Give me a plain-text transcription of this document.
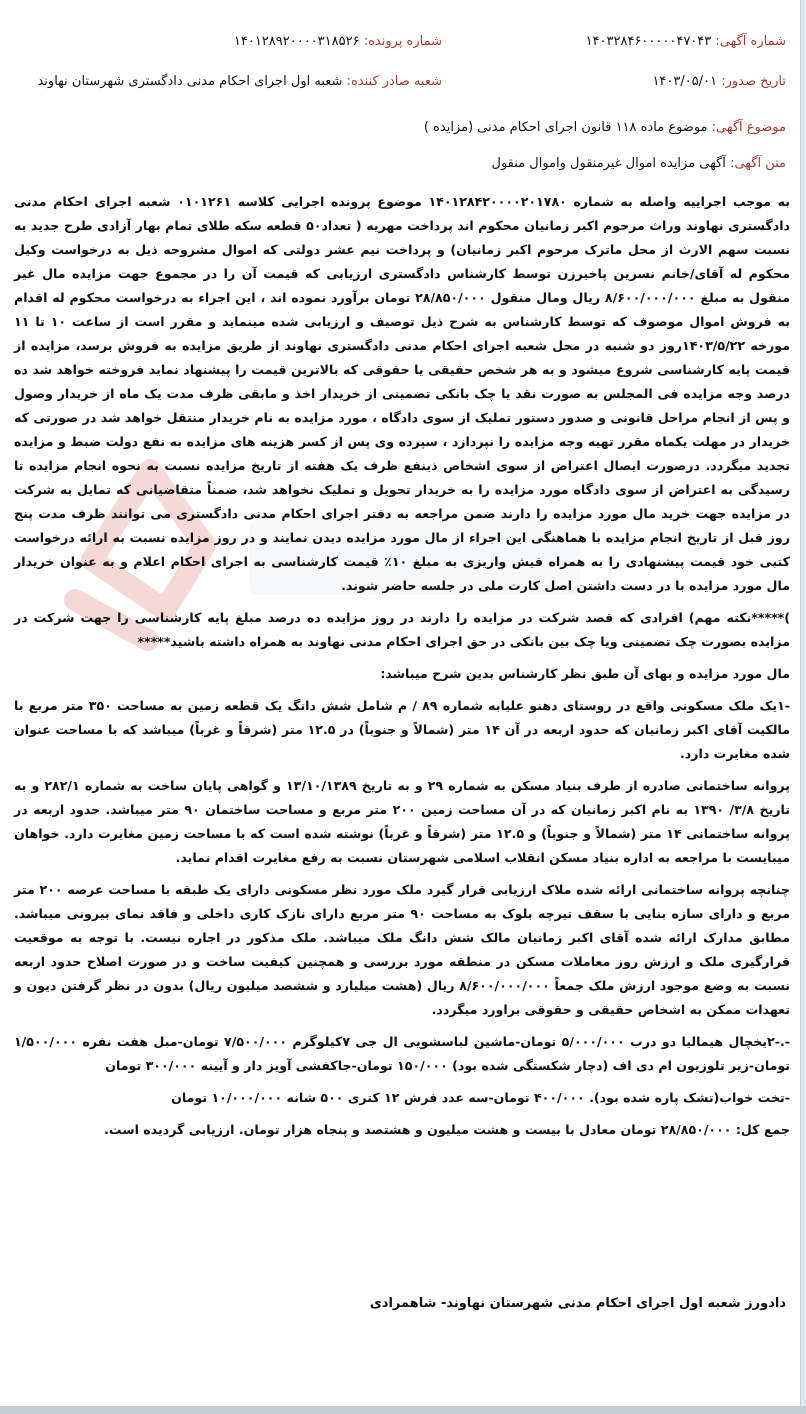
شماره آگهی: ۱۴۰۳۲۸۴۶۰۰۰۰۰۴۷۰۴۳
شماره پرونده: ۱۴۰۱۲۸۹۲۰۰۰۰۳۱۸۵۲۶
تاریخ صدور: ۱۴۰۳/۰۵/۰۱
شعبه صادر کننده: شعبه اول اجرای احکام مدنی دادگستری شهرستان نهاوند
موضوع آگهی: موضوع ماده ۱۱۸ قانون اجرای احکام مدنی (مزایده )
متن آگهی: آگهی مزایده اموال غیرمنقول واموال منقول

به موجب اجراییه واصله به شماره ۱۴۰۱۲۸۴۲۰۰۰۰۲۰۱۷۸۰ موضوع پرونده اجرایی کلاسه ۰۱۰۱۲۶۱ شعبه اجرای احکام مدنی دادگستری نهاوند وراث مرحوم اکبر زمانیان محکوم اند پرداخت مهریه ( تعداد۵۰ قطعه سکه طلای تمام بهار آزادی طرح جدید به نسبت سهم الارث از محل ماترک مرحوم اکبر زمانیان) و پرداخت نیم عشر دولتی که اموال مشروحه ذیل به درخواست وکیل محکوم له آقای/خانم نسرین پاخیرزن توسط کارشناس دادگستری ارزیابی که قیمت آن را در مجموع جهت مزایده مال غیر منقول به مبلغ ۸/۶۰۰/۰۰۰/۰۰۰ ریال ومال منقول ۲۸/۸۵۰/۰۰۰ تومان برآورد نموده اند ، این اجراء به درخواست محکوم له اقدام به فروش اموال موصوف که توسط کارشناس به شرح ذیل توصیف و ارزیابی شده مینماید و مقرر است از ساعت ۱۰ تا ۱۱ مورخه ۱۴۰۳/۵/۲۲روز دو شنبه در محل شعبه اجرای احکام مدنی دادگستری نهاوند از طریق مزایده به فروش برسد، مزایده از قیمت پایه کارشناسی شروع میشود و به هر شخص حقیقی یا حقوقی که بالاترین قیمت را پیشنهاد نماید فروخته خواهد شد ده درصد وجه مزایده فی المجلس به صورت نقد یا چک بانکی تضمینی از خریدار اخذ و مابقی ظرف مدت یک ماه از خریدار وصول و پس از انجام مراحل قانونی و صدور دستور تملیک از سوی دادگاه ، مورد مزایده به نام خریدار منتقل خواهد شد در صورتی که خریدار در مهلت یکماه مقرر تهیه وجه مزایده را نپردازد ، سپرده وی پس از کسر هزینه های مزایده به نفع دولت ضبط و مزایده تجدید میگردد. درصورت ایصال اعتراض از سوی اشخاص ذینفع ظرف یک هفته از تاریخ مزایده نسبت به نحوه انجام مزایده تا رسیدگی به اعتراض از سوی دادگاه مورد مزایده را به خریدار تحویل و تملیک نخواهد شد، ضمناً متقاضیانی که تمایل به شرکت در مزایده جهت خرید مال مورد مزایده را دارند ضمن مراجعه به دفتر اجرای احکام مدنی دادگستری می توانند ظرف مدت پنج روز قبل از تاریخ انجام مزایده با هماهنگی این اجراء از مال مورد مزایده دیدن نمایند و در روز مزایده نسبت به ارائه درخواست کتبی خود قیمت پیشنهادی را به همراه فیش واریزی به مبلغ ۱۰٪ قیمت کارشناسی به اجرای احکام اعلام و به عنوان خریدار مال مورد مزایده با در دست داشتن اصل کارت ملی در جلسه حاضر شوند.

)*****نکته مهم) افرادی که قصد شرکت در مزایده را دارند در روز مزایده ده درصد مبلغ پایه کارشناسی را جهت شرکت در مزایده بصورت چک تضمینی ویا چک بین بانکی در حق اجرای احکام مدنی نهاوند به همراه داشته باشید*****

مال مورد مزایده و بهای آن طبق نظر کارشناس بدین شرح میباشد:

-۱یک ملک مسکونی واقع در روستای دهنو علیابه شماره ۸۹ / م شامل شش دانگ یک قطعه زمین به مساحت ۳۵۰ متر مربع با مالکیت آقای اکبر زمانیان که حدود اربعه در آن ۱۴ متر (شمالاً و جنوباً) در ۱۲.۵ متر (شرقاً و غرباً) میباشد که با مساحت عنوان شده مغایرت دارد.

پروانه ساختمانی صادره از طرف بنیاد مسکن به شماره ۲۹ و به تاریخ ۱۳/۱۰/۱۳۸۹ و گواهی پایان ساخت به شماره ۲۸۲/۱ و به تاریخ ۳/۸/ ۱۳۹۰ به نام اکبر زمانیان که در آن مساحت زمین ۲۰۰ متر مربع و مساحت ساختمان ۹۰ متر میباشد. حدود اربعه در پروانه ساختمانی ۱۴ متر (شمالاً و جنوباً) و ۱۲.۵ متر (شرقاً و غرباً) نوشته شده است که با مساحت زمین مغایرت دارد. خواهان میبایست با مراجعه به اداره بنیاد مسکن انقلاب اسلامی شهرستان نسبت به رفع مغایرت اقدام نماید.

چنانچه پروانه ساختمانی ارائه شده ملاک ارزیابی قرار گیرد ملک مورد نظر مسکونی دارای یک طبقه با مساحت عرصه ۲۰۰ متر مربع و دارای سازه بنایی با سقف تیرچه بلوک به مساحت ۹۰ متر مربع دارای نازک کاری داخلی و فاقد نمای بیرونی میباشد. مطابق مدارک ارائه شده آقای اکبر زمانیان مالک شش دانگ ملک میباشد. ملک مذکور در اجاره نیست. با توجه به موقعیت قرارگیری ملک و ارزش روز معاملات مسکن در منطقه مورد بررسی و همچنین کیفیت ساخت و در صورت اصلاح حدود اربعه نسبت به وضع موجود ارزش ملک جمعاً ۸/۶۰۰/۰۰۰/۰۰۰ ریال (هشت میلیارد و ششصد میلیون ریال) بدون در نظر گرفتن دیون و تعهدات ممکن به اشخاص حقیقی و حقوقی براورد میگردد.

-.-۲یخچال هیمالیا دو درب ۵/۰۰۰/۰۰۰ تومان-ماشین لباسشویی ال جی ۷کیلوگرم ۷/۵۰۰/۰۰۰ تومان-مبل هفت نفره ۱/۵۰۰/۰۰۰ تومان-زیر تلوزیون ام دی اف (دچار شکستگی شده بود) ۱۵۰/۰۰۰ تومان-جاکفشی آویز دار و آیینه ۳۰۰/۰۰۰ تومان

-تخت خواب(تشک پاره شده بود). ۴۰۰/۰۰۰ تومان-سه عدد فرش ۱۲ کتری ۵۰۰ شانه ۱۰/۰۰۰/۰۰۰ تومان

جمع کل: ۲۸/۸۵۰/۰۰۰ تومان معادل با بیست و هشت میلیون و هشتصد و پنجاه هزار تومان. ارزیابی گردیده است.

دادورز شعبه اول اجرای احکام مدنی شهرستان نهاوند- شاهمرادی
